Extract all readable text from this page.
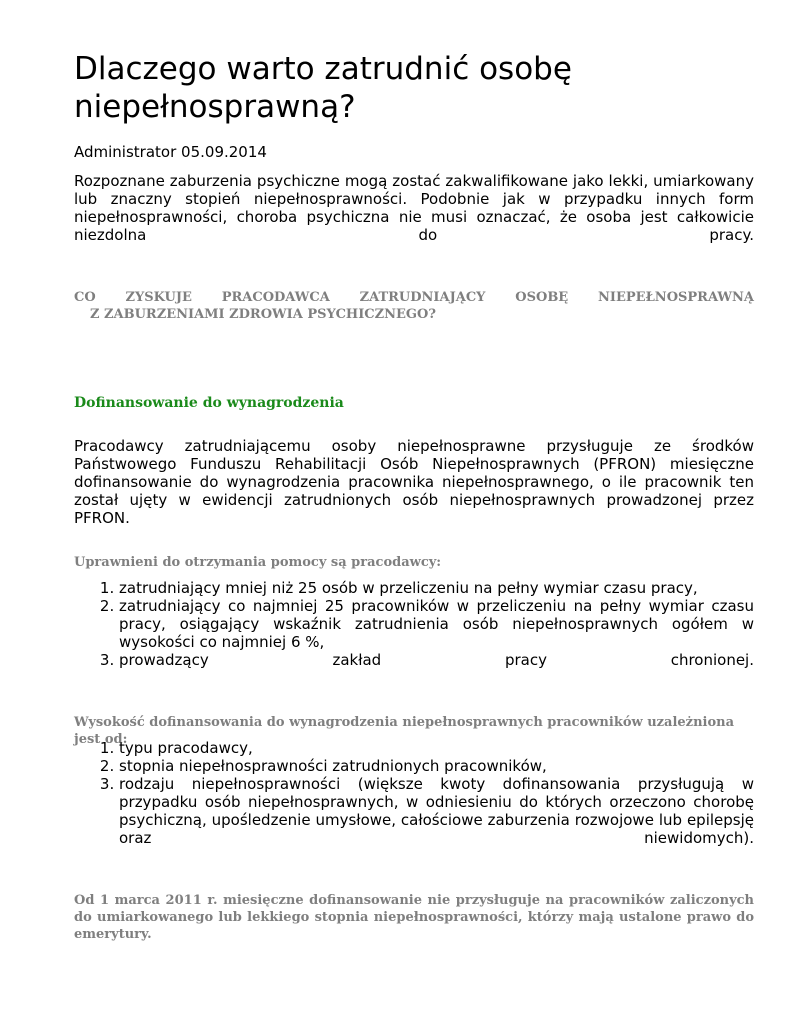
Dlaczego warto zatrudnić osobę niepełnosprawną?

Administrator 05.09.2014

Rozpoznane zaburzenia psychiczne mogą zostać zakwalifikowane jako lekki, umiarkowany lub znaczny stopień niepełnosprawności. Podobnie jak w przypadku innych form niepełnosprawności, choroba psychiczna nie musi oznaczać, że osoba jest całkowicie niezdolna do pracy.

CO ZYSKUJE PRACODAWCA ZATRUDNIAJĄCY OSOBĘ NIEPEŁNOSPRAWNĄ
Z ZABURZENIAMI ZDROWIA PSYCHICZNEGO?

Dofinansowanie do wynagrodzenia

Pracodawcy zatrudniającemu osoby niepełnosprawne przysługuje ze środków Państwowego Funduszu Rehabilitacji Osób Niepełnosprawnych (PFRON) miesięczne dofinansowanie do wynagrodzenia pracownika niepełnosprawnego, o ile pracownik ten został ujęty w ewidencji zatrudnionych osób niepełnosprawnych prowadzonej przez PFRON.

Uprawnieni do otrzymania pomocy są pracodawcy:

1. zatrudniający mniej niż 25 osób w przeliczeniu na pełny wymiar czasu pracy,
2. zatrudniający co najmniej 25 pracowników w przeliczeniu na pełny wymiar czasu pracy, osiągający wskaźnik zatrudnienia osób niepełnosprawnych ogółem w wysokości co najmniej 6 %,
3. prowadzący zakład pracy chronionej.

Wysokość dofinansowania do wynagrodzenia niepełnosprawnych pracowników uzależniona jest od:

1. typu pracodawcy,
2. stopnia niepełnosprawności zatrudnionych pracowników,
3. rodzaju niepełnosprawności (większe kwoty dofinansowania przysługują w przypadku osób niepełnosprawnych, w odniesieniu do których orzeczono chorobę psychiczną, upośledzenie umysłowe, całościowe zaburzenia rozwojowe lub epilepsję oraz niewidomych).

Od 1 marca 2011 r. miesięczne dofinansowanie nie przysługuje na pracowników zaliczonych do umiarkowanego lub lekkiego stopnia niepełnosprawności, którzy mają ustalone prawo do emerytury.
